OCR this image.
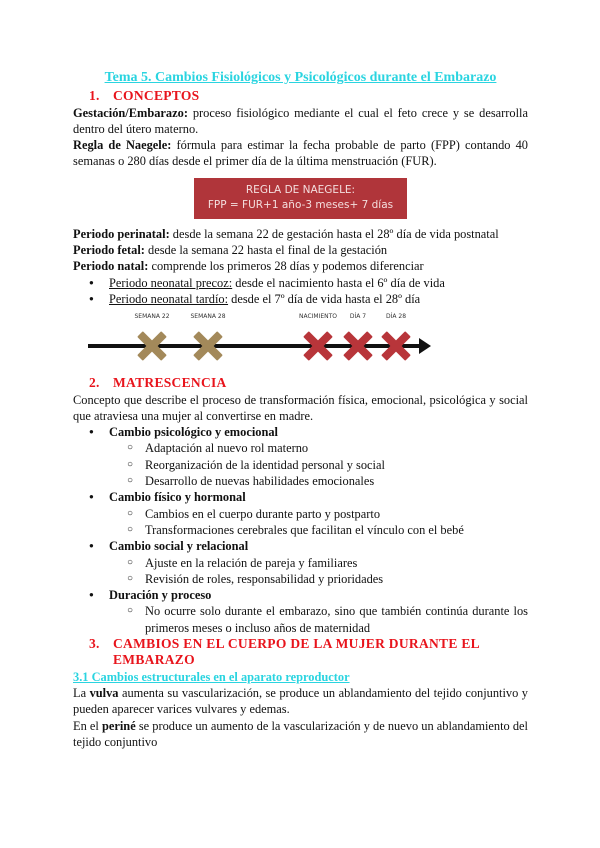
Tema 5. Cambios Fisiológicos y Psicológicos durante el Embarazo
1. CONCEPTOS

Gestación/Embarazo: proceso fisiológico mediante el cual el feto crece y se desarrolla dentro del útero materno.

Regla de Naegele: fórmula para estimar la fecha probable de parto (FPP) contando 40 semanas o 280 días desde el primer día de la última menstruación (FUR).

REGLA DE NAEGELE:
FPP = FUR+1 año-3 meses+ 7 días

Periodo perinatal: desde la semana 22 de gestación hasta el 28º día de vida postnatal

Periodo fetal: desde la semana 22 hasta el final de la gestación

Periodo natal: comprende los primeros 28 días y podemos diferenciar

● Periodo neonatal precoz: desde el nacimiento hasta el 6º día de vida
● Periodo neonatal tardío: desde el 7º día de vida hasta el 28º día
SEMANA 22	SEMANA 28	NACIMIENTO DÍA 7	DÍA 28
2. MATRESCENCIA

Concepto que describe el proceso de transformación física, emocional, psicológica y social que atraviesa una mujer al convertirse en madre.

● Cambio psicológico y emocional
○ Adaptación al nuevo rol materno
○ Reorganización de la identidad personal y social
○ Desarrollo de nuevas habilidades emocionales
● Cambio físico y hormonal
○ Cambios en el cuerpo durante parto y postparto
○ Transformaciones cerebrales que facilitan el vínculo con el bebé
● Cambio social y relacional
○ Ajuste en la relación de pareja y familiares
○ Revisión de roles, responsabilidad y prioridades
● Duración y proceso
○ No ocurre solo durante el embarazo, sino que también continúa durante los primeros meses o incluso años de maternidad
3. CAMBIOS EN EL CUERPO DE LA MUJER DURANTE EL
EMBARAZO
3.1 Cambios estructurales en el aparato reproductor

La vulva aumenta su vascularización, se produce un ablandamiento del tejido conjuntivo y pueden aparecer varices vulvares y edemas.

En el periné se produce un aumento de la vascularización y de nuevo un ablandamiento del tejido conjuntivo
